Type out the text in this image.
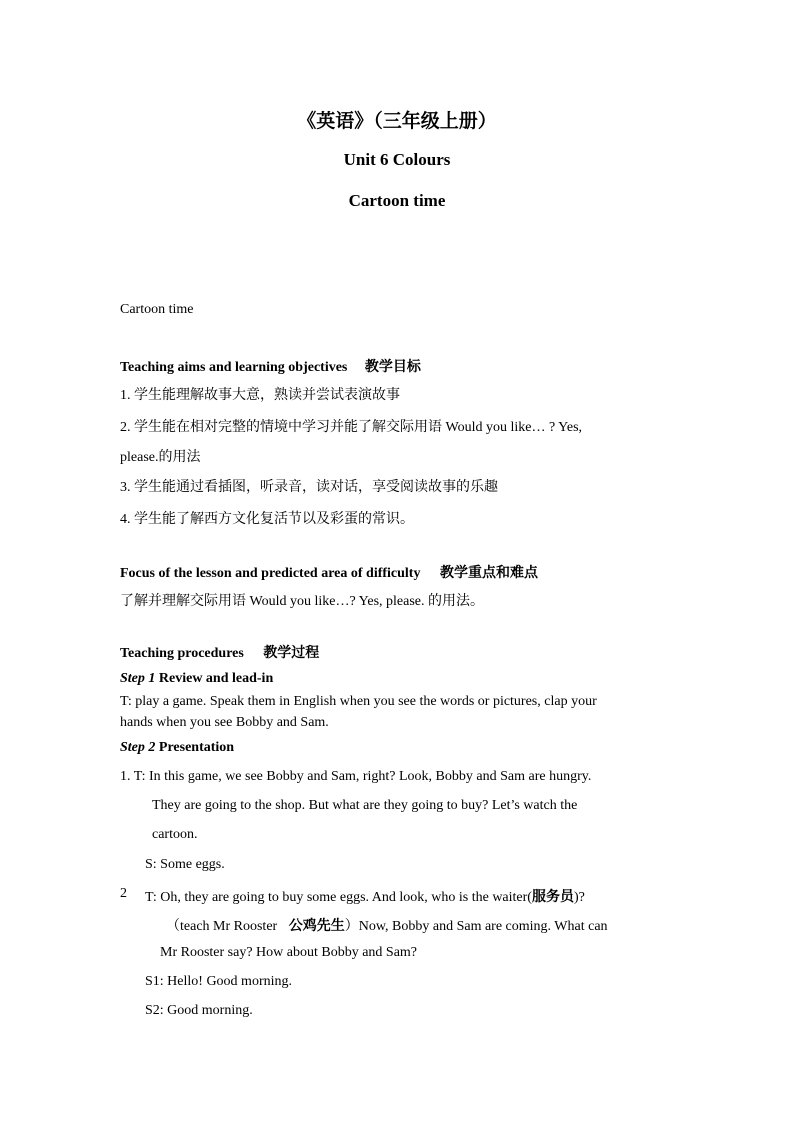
《英语》（三年级上册）
Unit 6 Colours
Cartoon time
Cartoon time
Teaching aims and learning objectives 教学目标
1. 学生能理解故事大意，熟读并尝试表演故事
2. 学生能在相对完整的情境中学习并能了解交际用语 Would you like… ? Yes,
please.的用法
3. 学生能通过看插图，听录音，读对话，享受阅读故事的乐趣
4. 学生能了解西方文化复活节以及彩蛋的常识。
Focus of the lesson and predicted area of difficulty 教学重点和难点
了解并理解交际用语 Would you like…? Yes, please. 的用法。
Teaching procedures 教学过程
Step 1 Review and lead-in
T: play a game. Speak them in English when you see the words or pictures, clap your
hands when you see Bobby and Sam.
Step 2 Presentation
1. T: In this game, we see Bobby and Sam, right? Look, Bobby and Sam are hungry.
They are going to the shop. But what are they going to buy? Let’s watch the
cartoon.
S: Some eggs.
2 T: Oh, they are going to buy some eggs. And look, who is the waiter(服务员)?
（teach Mr Rooster 公鸡先生）Now, Bobby and Sam are coming. What can
Mr Rooster say? How about Bobby and Sam?
S1: Hello! Good morning.
S2: Good morning.
